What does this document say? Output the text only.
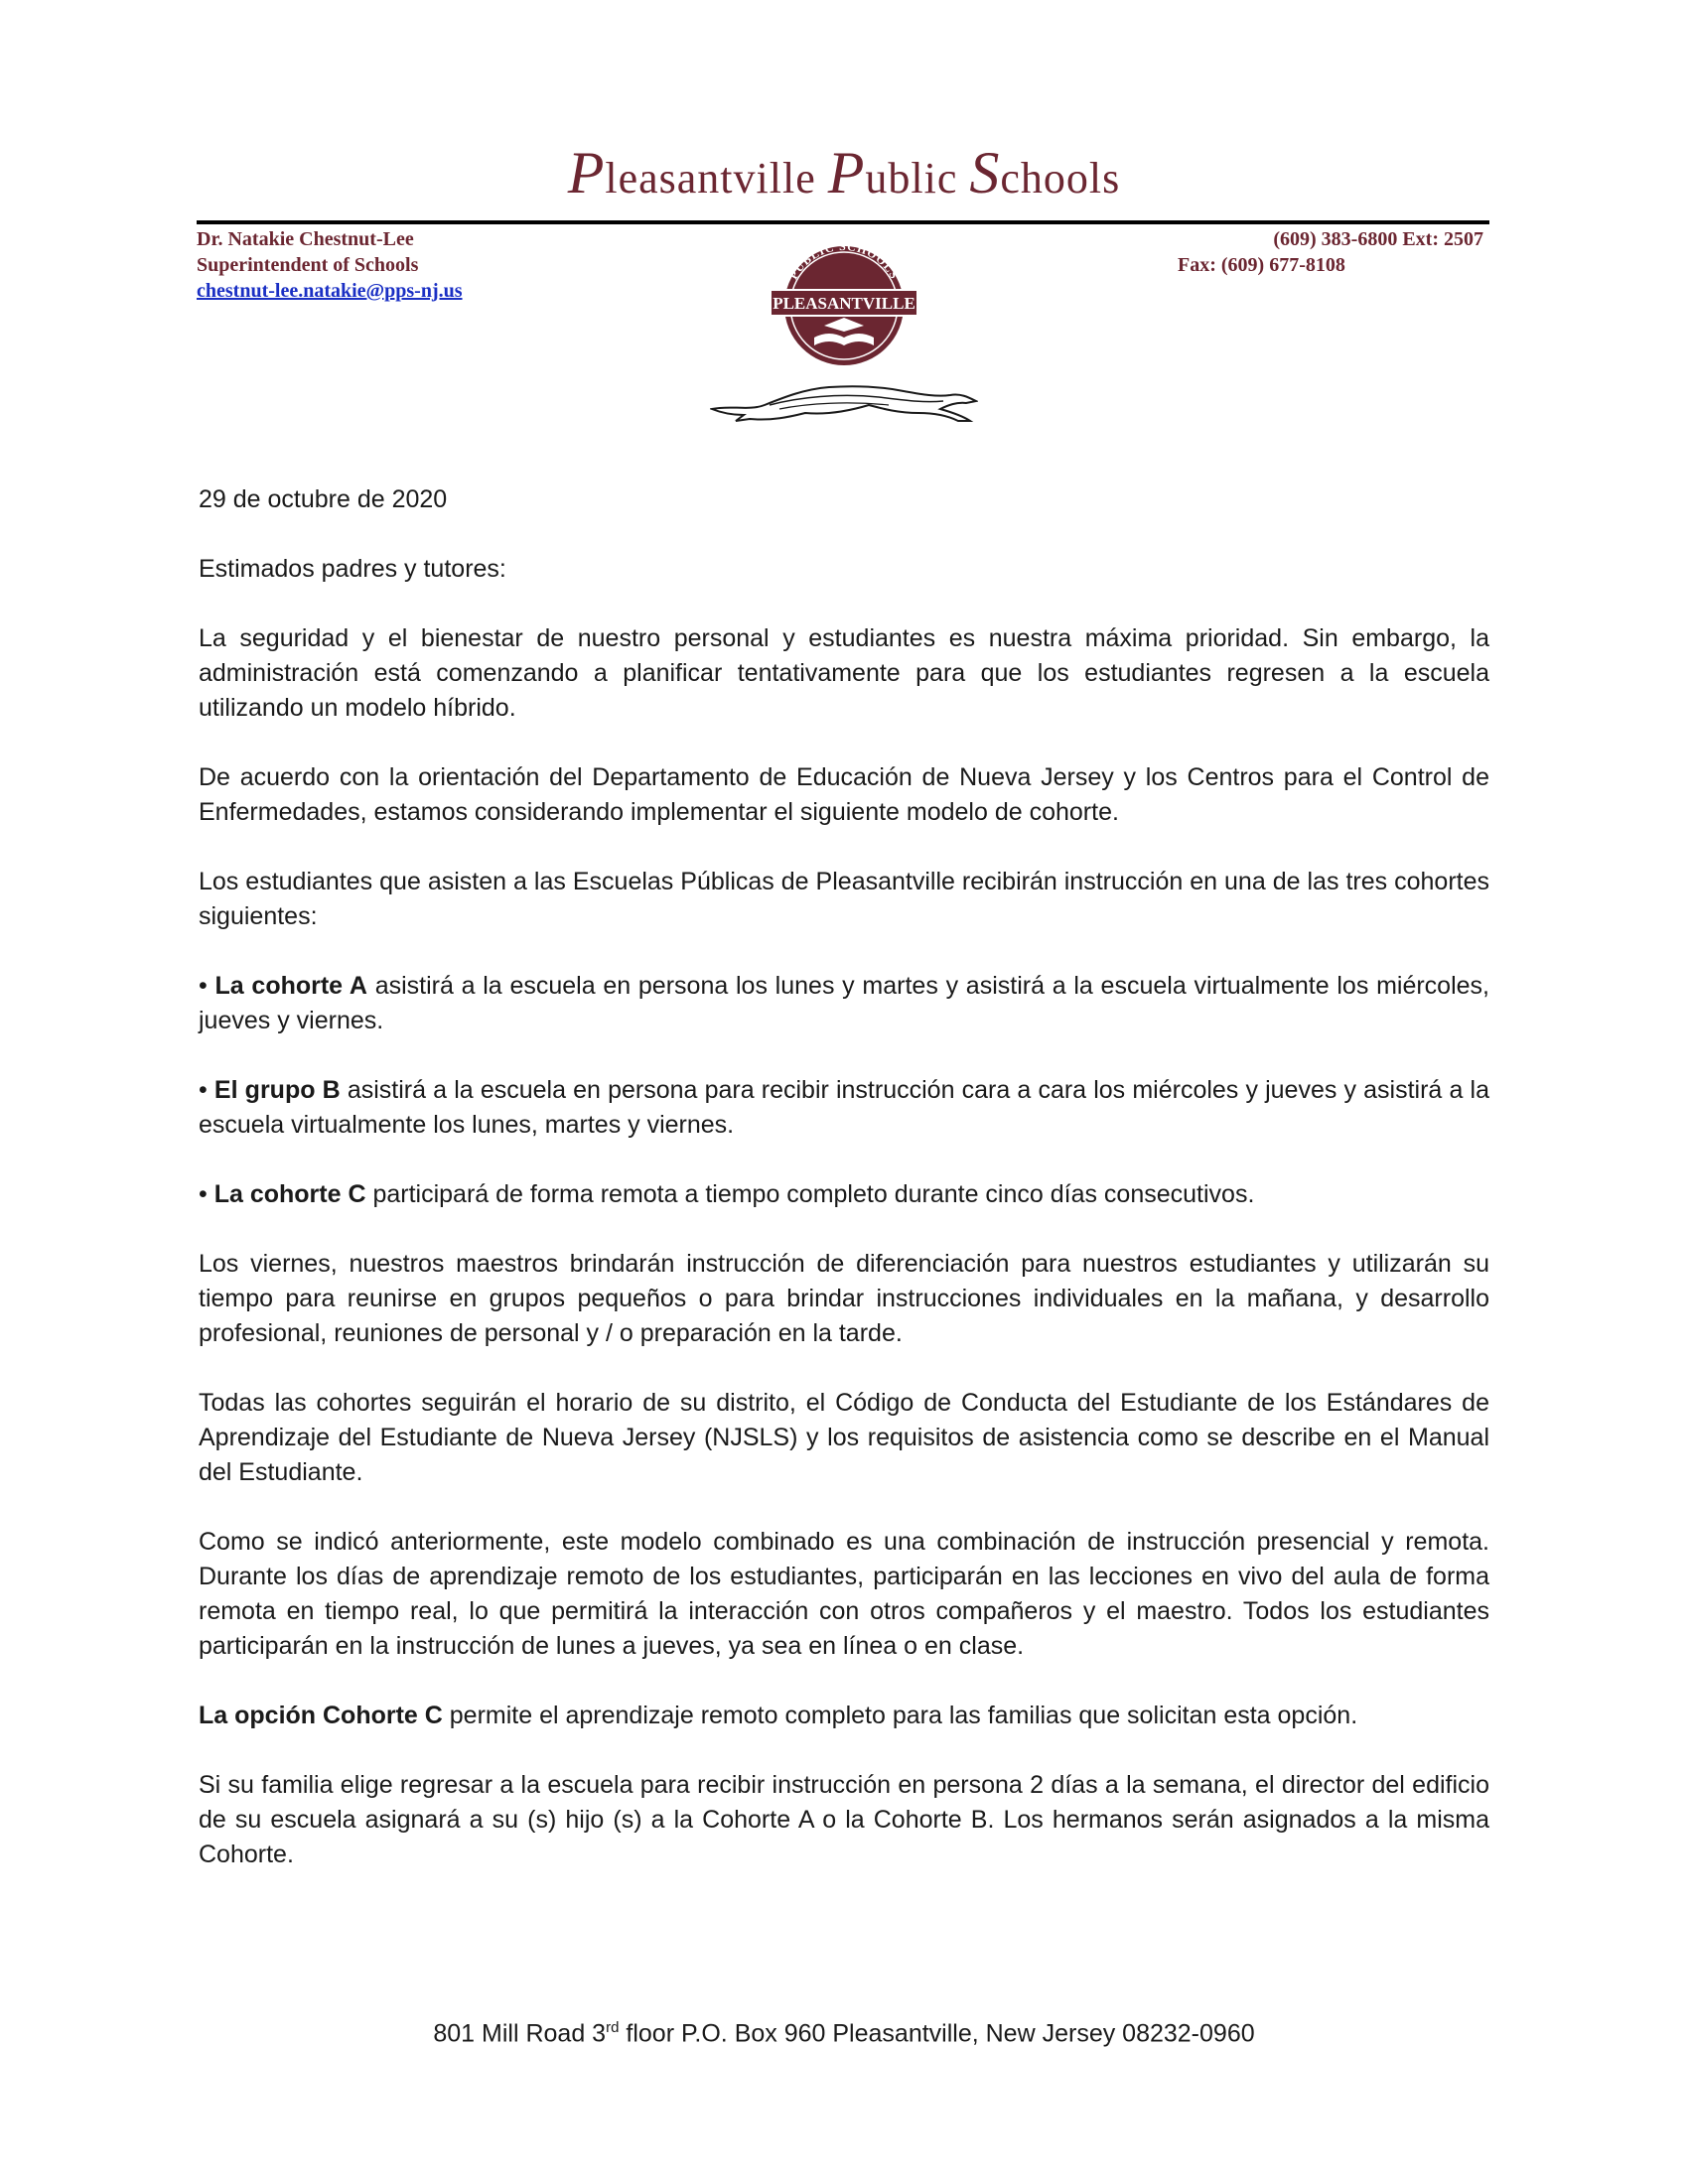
Pleasantville Public Schools
Dr. Natakie Chestnut-Lee
Superintendent of Schools
chestnut-lee.natakie@pps-nj.us
(609) 383-6800 Ext: 2507
Fax: (609) 677-8108
PUBLIC SCHOOLS
PLEASANTVILLE

29 de octubre de 2020

Estimados padres y tutores:

La seguridad y el bienestar de nuestro personal y estudiantes es nuestra máxima prioridad. Sin embargo, la administración está comenzando a planificar tentativamente para que los estudiantes regresen a la escuela utilizando un modelo híbrido.

De acuerdo con la orientación del Departamento de Educación de Nueva Jersey y los Centros para el Control de Enfermedades, estamos considerando implementar el siguiente modelo de cohorte.

Los estudiantes que asisten a las Escuelas Públicas de Pleasantville recibirán instrucción en una de las tres cohortes siguientes:

• La cohorte A asistirá a la escuela en persona los lunes y martes y asistirá a la escuela virtualmente los miércoles, jueves y viernes.

• El grupo B asistirá a la escuela en persona para recibir instrucción cara a cara los miércoles y jueves y asistirá a la escuela virtualmente los lunes, martes y viernes.

• La cohorte C participará de forma remota a tiempo completo durante cinco días consecutivos.

Los viernes, nuestros maestros brindarán instrucción de diferenciación para nuestros estudiantes y utilizarán su tiempo para reunirse en grupos pequeños o para brindar instrucciones individuales en la mañana, y desarrollo profesional, reuniones de personal y / o preparación en la tarde.

Todas las cohortes seguirán el horario de su distrito, el Código de Conducta del Estudiante de los Estándares de Aprendizaje del Estudiante de Nueva Jersey (NJSLS) y los requisitos de asistencia como se describe en el Manual del Estudiante.

Como se indicó anteriormente, este modelo combinado es una combinación de instrucción presencial y remota. Durante los días de aprendizaje remoto de los estudiantes, participarán en las lecciones en vivo del aula de forma remota en tiempo real, lo que permitirá la interacción con otros compañeros y el maestro. Todos los estudiantes participarán en la instrucción de lunes a jueves, ya sea en línea o en clase.

La opción Cohorte C permite el aprendizaje remoto completo para las familias que solicitan esta opción.

Si su familia elige regresar a la escuela para recibir instrucción en persona 2 días a la semana, el director del edificio de su escuela asignará a su (s) hijo (s) a la Cohorte A o la Cohorte B. Los hermanos serán asignados a la misma Cohorte.

801 Mill Road 3rd floor P.O. Box 960 Pleasantville, New Jersey 08232-0960
